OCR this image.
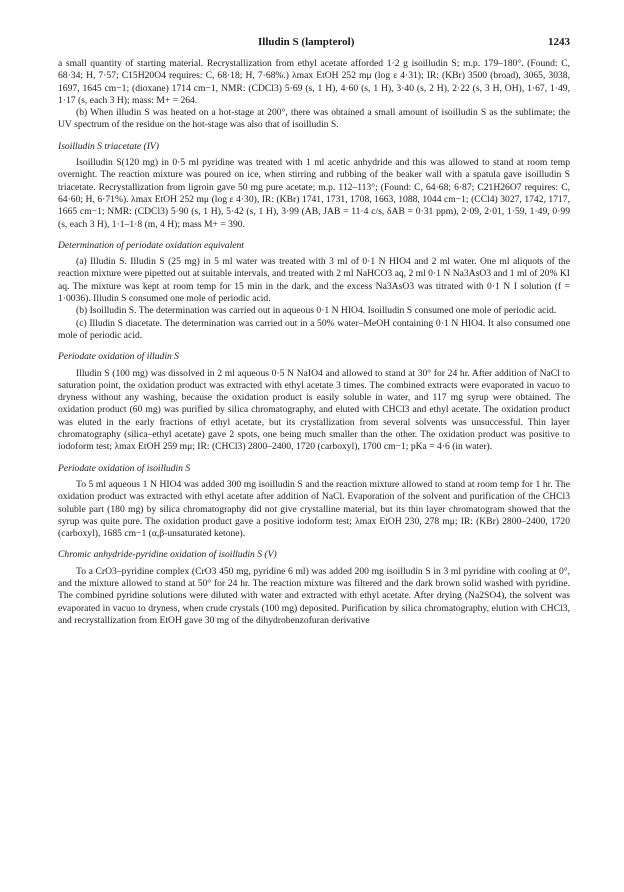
Illudin S (lampterol)	1243

a small quantity of starting material. Recrystallization from ethyl acetate afforded 1·2 g isoilludin S; m.p. 179–180°. (Found: C, 68·34; H, 7·57; C15H20O4 requires: C, 68·18; H, 7·68%.) λmax EtOH 252 mμ (log ε 4·31); IR: (KBr) 3500 (broad), 3065, 3038, 1697, 1645 cm−1; (dioxane) 1714 cm−1, NMR: (CDCl3) 5·69 (s, 1 H), 4·60 (s, 1 H), 3·40 (s, 2 H), 2·22 (s, 3 H, OH), 1·67, 1·49, 1·17 (s, each 3 H); mass: M+ = 264.

(b) When illudin S was heated on a hot-stage at 200°, there was obtained a small amount of isoilludin S as the sublimate; the UV spectrum of the residue on the hot-stage was also that of isoilludin S.

Isoilludin S triacetate (IV)

Isoilludin S(120 mg) in 0·5 ml pyridine was treated with 1 ml acetic anhydride and this was allowed to stand at room temp overnight. The reaction mixture was poured on ice, when stirring and rubbing of the beaker wall with a spatula gave isoilludin S triacetate. Recrystallization from ligroin gave 50 mg pure acetate; m.p. 112–113°; (Found: C, 64·68; 6·87; C21H26O7 requires: C, 64·60; H, 6·71%). λmax EtOH 252 mμ (log ε 4·30), IR: (KBr) 1741, 1731, 1708, 1663, 1088, 1044 cm−1; (CCl4) 3027, 1742, 1717, 1665 cm−1; NMR: (CDCl3) 5·90 (s, 1 H), 5·42 (s, 1 H), 3·99 (AB, JAB = 11·4 c/s, δAB = 0·31 ppm), 2·09, 2·01, 1·59, 1·49, 0·99 (s, each 3 H), 1·1–1·8 (m, 4 H); mass M+ = 390.

Determination of periodate oxidation equivalent

(a) Illudin S. Illudin S (25 mg) in 5 ml water was treated with 3 ml of 0·1 N HIO4 and 2 ml water. One ml aliquots of the reaction mixture were pipetted out at suitable intervals, and treated with 2 ml NaHCO3 aq, 2 ml 0·1 N Na3AsO3 and 1 ml of 20% KI aq. The mixture was kept at room temp for 15 min in the dark, and the excess Na3AsO3 was titrated with 0·1 N I solution (f = 1·0036). Illudin S consumed one mole of periodic acid.

(b) Isoilludin S. The determination was carried out in aqueous 0·1 N HIO4. Isoilludin S consumed one mole of periodic acid.

(c) Illudin S diacetate. The determination was carried out in a 50% water–MeOH containing 0·1 N HIO4. It also consumed one mole of periodic acid.

Periodate oxidation of illudin S

Illudin S (100 mg) was dissolved in 2 ml aqueous 0·5 N NaIO4 and allowed to stand at 30° for 24 hr. After addition of NaCl to saturation point, the oxidation product was extracted with ethyl acetate 3 times. The combined extracts were evaporated in vacuo to dryness without any washing, because the oxidation product is easily soluble in water, and 117 mg syrup were obtained. The oxidation product (60 mg) was purified by silica chromatography, and eluted with CHCl3 and ethyl acetate. The oxidation product was eluted in the early fractions of ethyl acetate, but its crystallization from several solvents was unsuccessful. Thin layer chromatography (silica–ethyl acetate) gave 2 spots, one being much smaller than the other. The oxidation product was positive to iodoform test; λmax EtOH 259 mμ; IR: (CHCl3) 2800–2400, 1720 (carboxyl), 1700 cm−1; pKa = 4·6 (in water).

Periodate oxidation of isoilludin S

To 5 ml aqueous 1 N HIO4 was added 300 mg isoilludin S and the reaction mixture allowed to stand at room temp for 1 hr. The oxidation product was extracted with ethyl acetate after addition of NaCl. Evaporation of the solvent and purification of the CHCl3 soluble part (180 mg) by silica chromatography did not give crystalline material, but its thin layer chromatogram showed that the syrup was quite pure. The oxidation product gave a positive iodoform test; λmax EtOH 230, 278 mμ; IR: (KBr) 2800–2400, 1720 (carboxyl), 1685 cm−1 (α,β-unsaturated ketone).

Chromic anhydride-pyridine oxidation of isoilludin S (V)

To a CrO3–pyridine complex (CrO3 450 mg, pyridine 6 ml) was added 200 mg isoilludin S in 3 ml pyridine with cooling at 0°, and the mixture allowed to stand at 50° for 24 hr. The reaction mixture was filtered and the dark brown solid washed with pyridine. The combined pyridine solutions were diluted with water and extracted with ethyl acetate. After drying (Na2SO4), the solvent was evaporated in vacuo to dryness, when crude crystals (100 mg) deposited. Purification by silica chromatography, elution with CHCl3, and recrystallization from EtOH gave 30 mg of the dihydrobenzofuran derivative
